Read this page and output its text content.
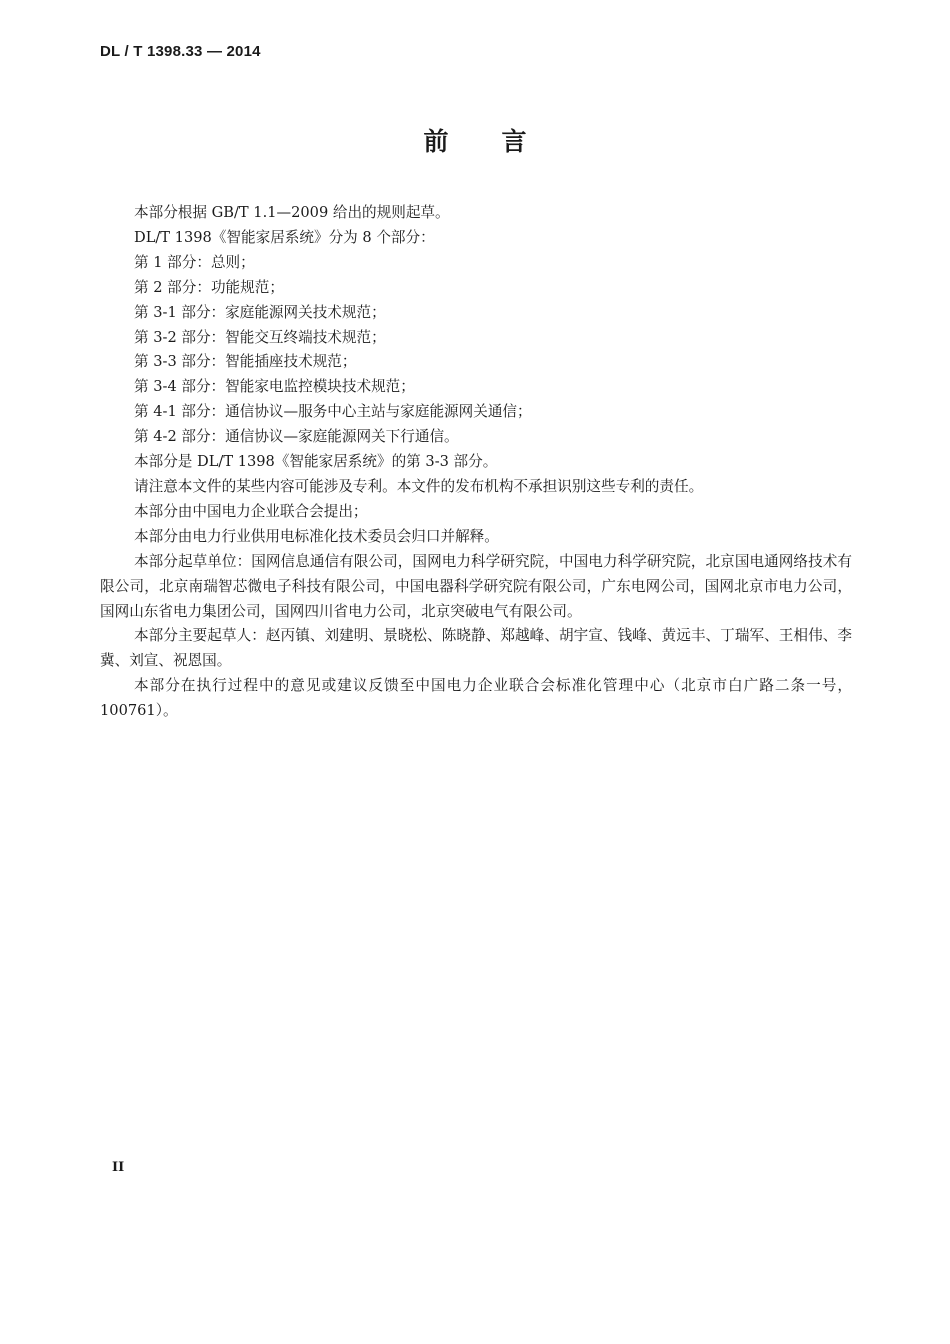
DL / T 1398.33 — 2014
前 言

本部分根据 GB/T 1.1—2009 给出的规则起草。

DL/T 1398《智能家居系统》分为 8 个部分：

第 1 部分：总则；

第 2 部分：功能规范；

第 3-1 部分：家庭能源网关技术规范；

第 3-2 部分：智能交互终端技术规范；

第 3-3 部分：智能插座技术规范；

第 3-4 部分：智能家电监控模块技术规范；

第 4-1 部分：通信协议—服务中心主站与家庭能源网关通信；

第 4-2 部分：通信协议—家庭能源网关下行通信。

本部分是 DL/T 1398《智能家居系统》的第 3-3 部分。

请注意本文件的某些内容可能涉及专利。本文件的发布机构不承担识别这些专利的责任。

本部分由中国电力企业联合会提出；

本部分由电力行业供用电标准化技术委员会归口并解释。

本部分起草单位：国网信息通信有限公司，国网电力科学研究院，中国电力科学研究院，北京国电通网络技术有限公司，北京南瑞智芯微电子科技有限公司，中国电器科学研究院有限公司，广东电网公司，国网北京市电力公司，国网山东省电力集团公司，国网四川省电力公司，北京突破电气有限公司。

本部分主要起草人：赵丙镇、刘建明、景晓松、陈晓静、郑越峰、胡宇宣、钱峰、黄远丰、丁瑞军、王相伟、李冀、刘宣、祝恩国。

本部分在执行过程中的意见或建议反馈至中国电力企业联合会标准化管理中心（北京市白广路二条一号，100761）。

II
